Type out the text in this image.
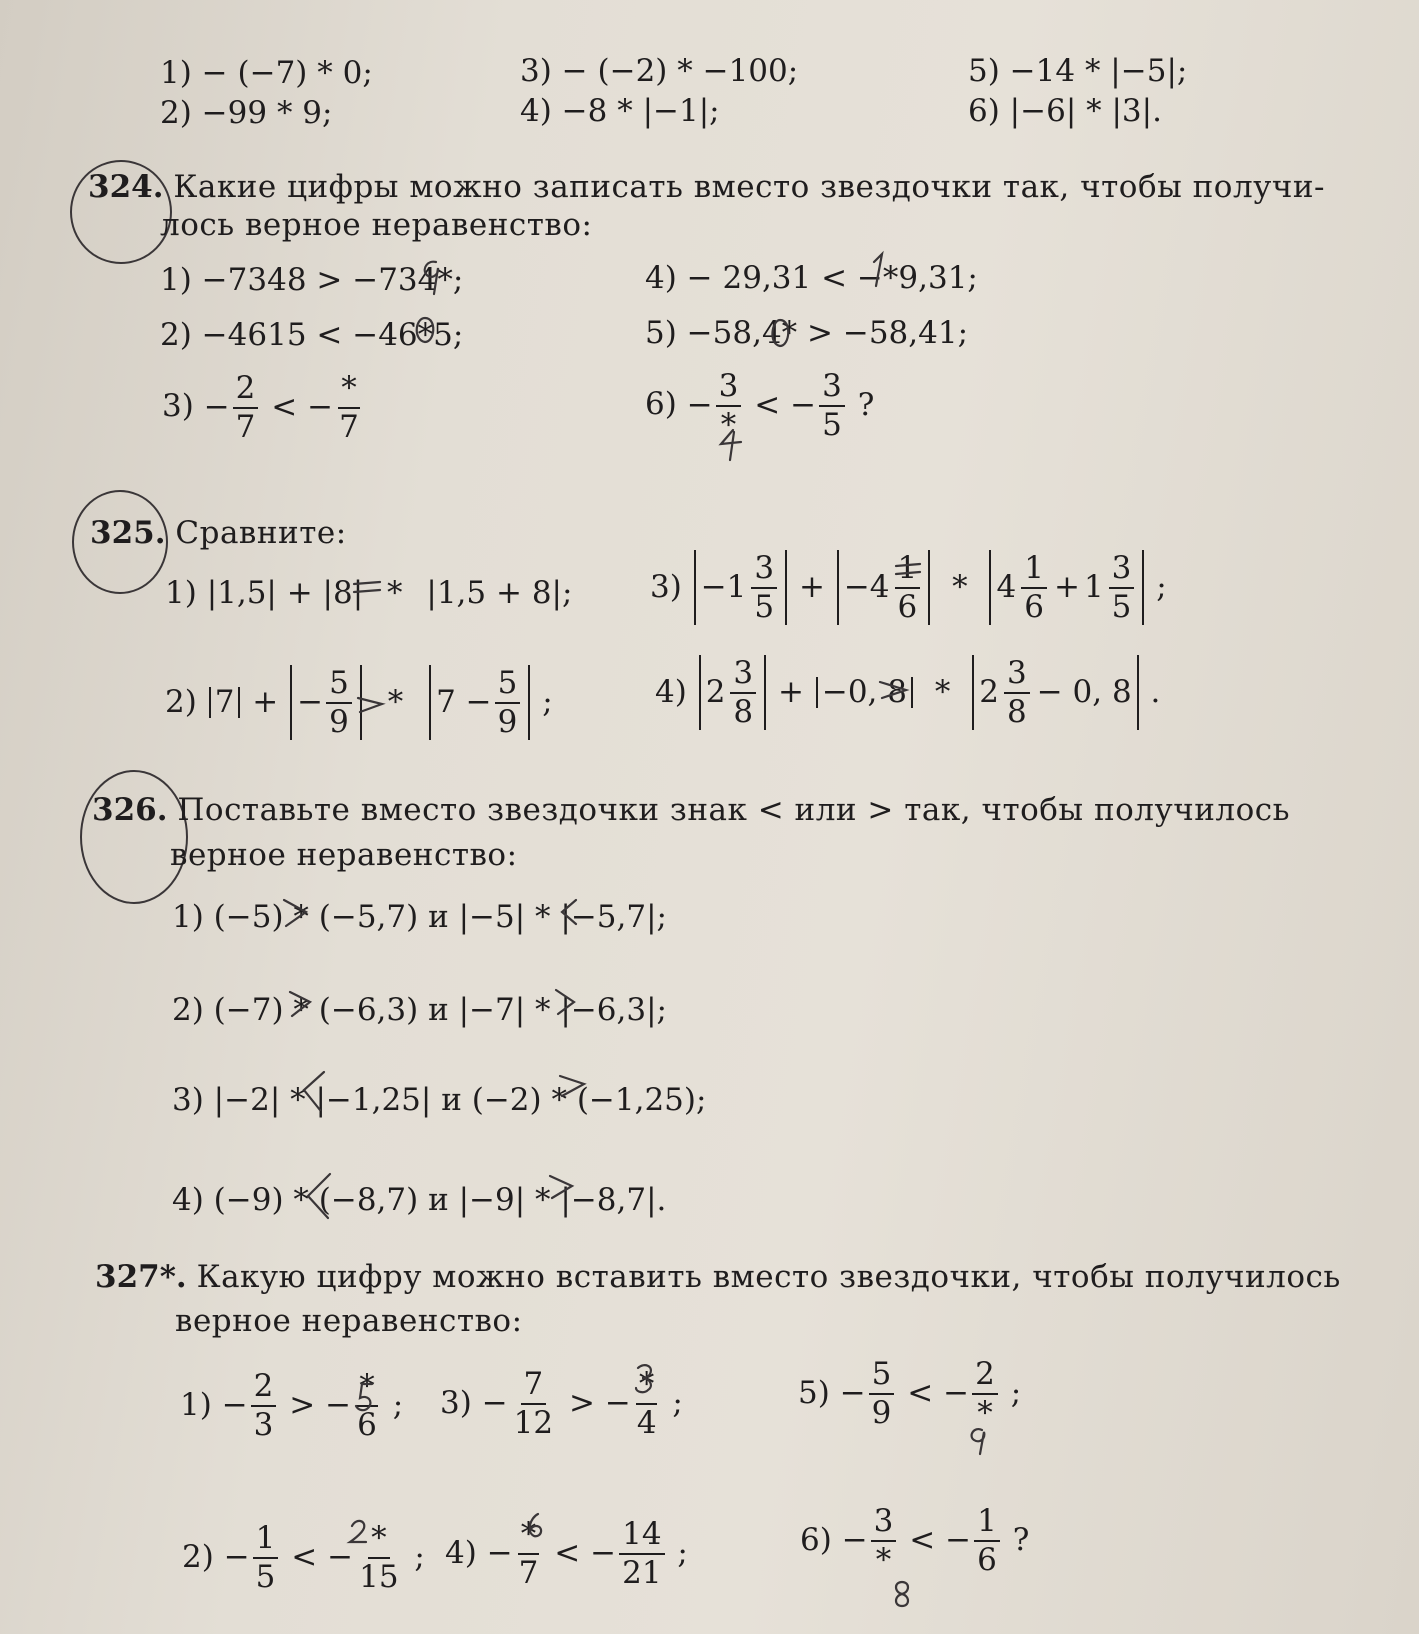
1) − (−7) * 0;	3) − (−2) * −100;	5) −14 * |−5|;
2) −99 * 9;	4) −8 * |−1|;	6) |−6| * |3|.
324. Какие цифры можно записать вместо звездочки так, чтобы получи-
лось верное неравенство:
1) −7348 > −734*;	4) − 29,31 < −*9,31;
2) −4615 < −46*5;	5) −58,4* > −58,41;
$3) - \frac{2}{7}$ < − $\frac{*}{7}$	$6) - \frac{3}{*}$ < − $\frac{3}{5}$ ?
325. Сравните:
1) |1,5| + |8| * |1,5 + 8|;	$3) -1 \frac{3}{5} + -4 \frac{1}{6} * 4 \frac{1}{6} + 1 \frac{3}{5}$ ;
2) 7 + − $\frac{5}{9} * 7 - \frac{5}{9}$ ;	4) $2 \frac{3}{8} + -0$, $8 * 2 \frac{3}{8} - 0$, 8 .
326. Поставьте вместо звездочки знак < или > так, чтобы получилось
верное неравенство:
1) (−5) * (−5,7) и |−5| * |−5,7|;
2) (−7) * (−6,3) и |−7| * |−6,3|;
3) |−2| * |−1,25| и (−2) * (−1,25);
4) (−9) * (−8,7) и |−9| * |−8,7|.
327*. Какую цифру можно вставить вместо звездочки, чтобы получилось
верное неравенство:
$1) - \frac{2}{3}$ > − $\frac{*}{6}$ ; $3) - \frac{7}{12}$ > − $\frac{*}{4}$ ;	$5) - \frac{5}{9}$ < − $\frac{2}{*}$ ;
$2) - \frac{1}{5}$ < − $\frac{*}{15}$ ; $4) - \frac{*}{7}$ < − $\frac{14}{21}$ ;	$6) - \frac{3}{*}$ < − $\frac{1}{6}$ ?
